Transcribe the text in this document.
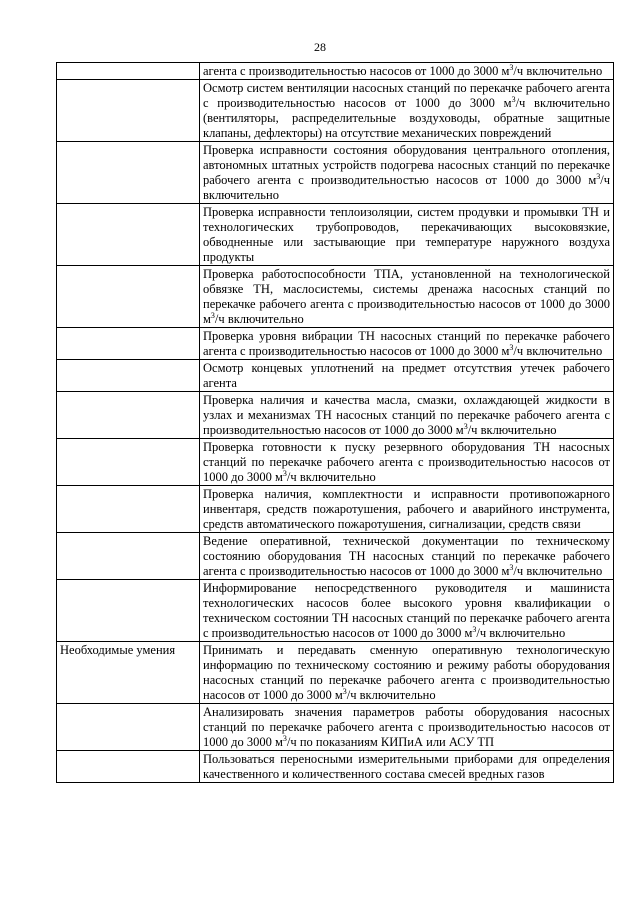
28
	агента с производительностью насосов от 1000 до 3000 $м^3/ч$ включительно
	Осмотр систем вентиляции насосных станций по перекачке рабочего агента с производительностью насосов от 1000 до 3000 $м^3/ч$ включительно (вентиляторы, распределительные воздуховоды, обратные защитные клапаны, дефлекторы) на отсутствие механических повреждений
	Проверка исправности состояния оборудования центрального отопления, автономных штатных устройств подогрева насосных станций по перекачке рабочего агента с производительностью насосов от 1000 до 3000 $м^3/ч$ включительно
	Проверка исправности теплоизоляции, систем продувки и промывки ТН и технологических трубопроводов, перекачивающих высоковязкие, обводненные или застывающие при температуре наружного воздуха продукты
	Проверка работоспособности ТПА, установленной на технологической обвязке ТН, маслосистемы, системы дренажа насосных станций по перекачке рабочего агента с производительностью насосов от 1000 до 3000 $м^3/ч$ включительно
	Проверка уровня вибрации ТН насосных станций по перекачке рабочего агента с производительностью насосов от 1000 до 3000 $м^3/ч$ включительно
	Осмотр концевых уплотнений на предмет отсутствия утечек рабочего агента
	Проверка наличия и качества масла, смазки, охлаждающей жидкости в узлах и механизмах ТН насосных станций по перекачке рабочего агента с производительностью насосов от 1000 до 3000 $м^3/ч$ включительно
	Проверка готовности к пуску резервного оборудования ТН насосных станций по перекачке рабочего агента с производительностью насосов от 1000 до 3000 $м^3/ч$ включительно
	Проверка наличия, комплектности и исправности противопожарного инвентаря, средств пожаротушения, рабочего и аварийного инструмента, средств автоматического пожаротушения, сигнализации, средств связи
	Ведение оперативной, технической документации по техническому состоянию оборудования ТН насосных станций по перекачке рабочего агента с производительностью насосов от 1000 до 3000 $м^3/ч$ включительно
	Информирование непосредственного руководителя и машиниста технологических насосов более высокого уровня квалификации о техническом состоянии ТН насосных станций по перекачке рабочего агента с производительностью насосов от 1000 до 3000 $м^3/ч$ включительно
Необходимые умения	Принимать и передавать сменную оперативную технологическую информацию по техническому состоянию и режиму работы оборудования насосных станций по перекачке рабочего агента с производительностью насосов от 1000 до 3000 $м^3/ч$ включительно
	Анализировать значения параметров работы оборудования насосных станций по перекачке рабочего агента с производительностью насосов от 1000 до 3000 $м^3/ч$ по показаниям КИПиА или АСУ ТП
	Пользоваться переносными измерительными приборами для определения качественного и количественного состава смесей вредных газов
